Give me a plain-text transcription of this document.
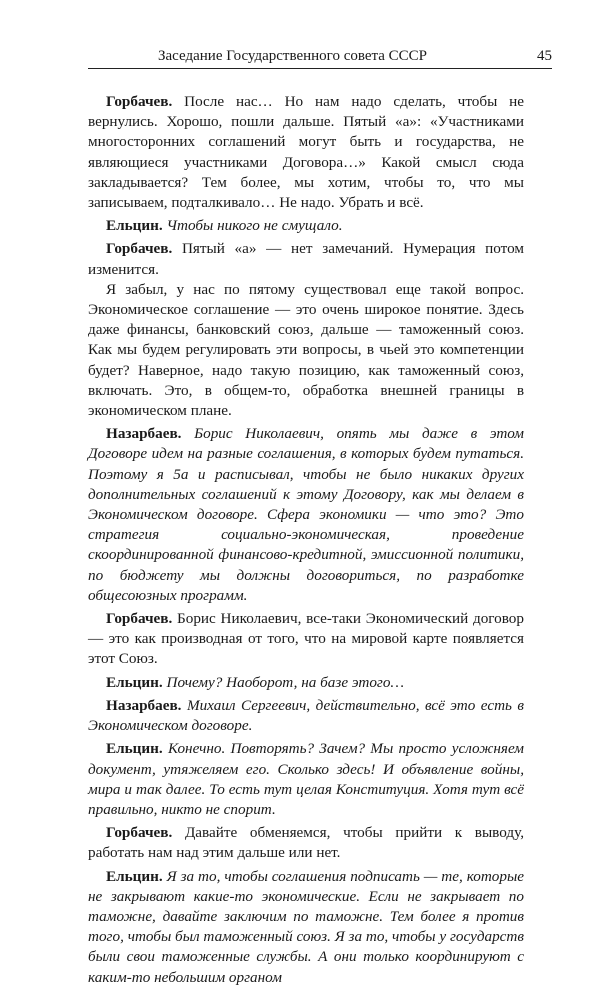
Заседание Государственного совета СССР	45

Горбачев. После нас… Но нам надо сделать, чтобы не вернулись. Хорошо, пошли дальше. Пятый «а»: «Участниками многосторонних соглашений могут быть и государства, не являющиеся участниками Договора…» Какой смысл сюда закладывается? Тем более, мы хотим, чтобы то, что мы записываем, подталкивало… Не надо. Убрать и всё.

Ельцин. Чтобы никого не смущало.

Горбачев. Пятый «а» — нет замечаний. Нумерация потом изменится.

Я забыл, у нас по пятому существовал еще такой вопрос. Экономическое соглашение — это очень широкое понятие. Здесь даже финансы, банковский союз, дальше — таможенный союз. Как мы будем регулировать эти вопросы, в чьей это компетенции будет? Наверное, надо такую позицию, как таможенный союз, включать. Это, в общем-то, обработка внешней границы в экономическом плане.

Назарбаев. Борис Николаевич, опять мы даже в этом Договоре идем на разные соглашения, в которых будем путаться. Поэтому я 5а и расписывал, чтобы не было никаких других дополнительных соглашений к этому Договору, как мы делаем в Экономическом договоре. Сфера экономики — что это? Это стратегия социально-экономическая, проведение скоординированной финансово-кредитной, эмиссионной политики, по бюджету мы должны договориться, по разработке общесоюзных программ.

Горбачев. Борис Николаевич, все-таки Экономический договор — это как производная от того, что на мировой карте появляется этот Союз.

Ельцин. Почему? Наоборот, на базе этого…

Назарбаев. Михаил Сергеевич, действительно, всё это есть в Экономическом договоре.

Ельцин. Конечно. Повторять? Зачем? Мы просто усложняем документ, утяжеляем его. Сколько здесь! И объявление войны, мира и так далее. То есть тут целая Конституция. Хотя тут всё правильно, никто не спорит.

Горбачев. Давайте обменяемся, чтобы прийти к выводу, работать нам над этим дальше или нет.

Ельцин. Я за то, чтобы соглашения подписать — те, которые не закрывают какие-то экономические. Если не закрывает по таможне, давайте заключим по таможне. Тем более я против того, чтобы был таможенный союз. Я за то, чтобы у государств были свои таможенные службы. А они только координируют с каким-то небольшим органом
